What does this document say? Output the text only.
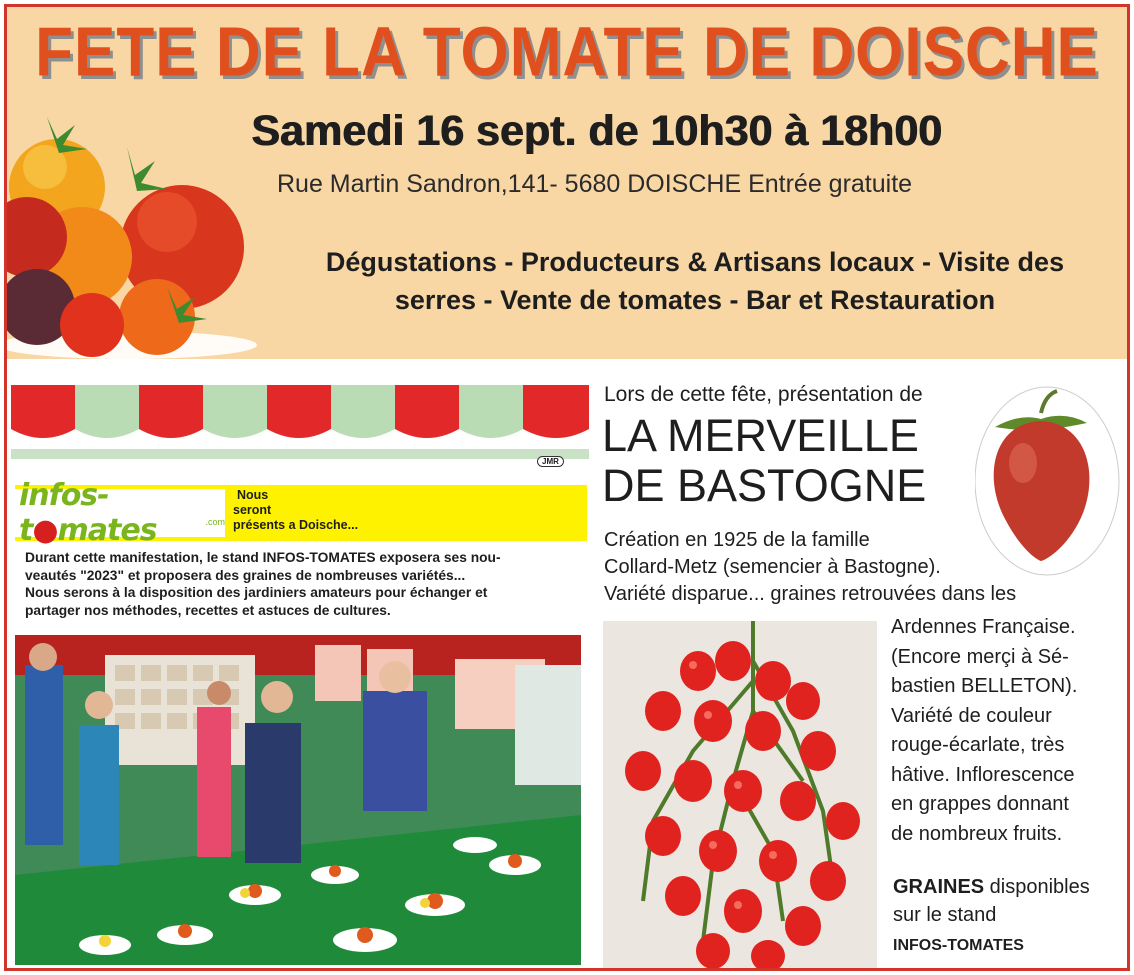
FETE DE LA TOMATE DE DOISCHE
Samedi 16 sept. de 10h30 à 18h00
Rue Martin Sandron,141- 5680 DOISCHE Entrée gratuite
Dégustations - Producteurs & Artisans locaux - Visite des
serres - Vente de tomates - Bar et Restauration
JMR
infos-t●mates	.com
Nous
seront
présents a Doische...
Durant cette manifestation, le stand INFOS-TOMATES exposera ses nou-
veautés "2023" et proposera des graines de nombreuses variétés...
Nous serons à la disposition des jardiniers amateurs pour échanger et
partager nos méthodes, recettes et astuces de cultures.
Lors de cette fête, présentation de
LA MERVEILLE
DE BASTOGNE
Création en 1925 de la famille
Collard-Metz (semencier à Bastogne).
Variété disparue... graines retrouvées dans les
Ardennes Française.
(Encore merçi à Sé-
bastien BELLETON).
Variété de couleur
rouge-écarlate, très
hâtive. Inflorescence
en grappes donnant
de nombreux fruits.
GRAINES disponibles
sur le stand
INFOS-TOMATES
